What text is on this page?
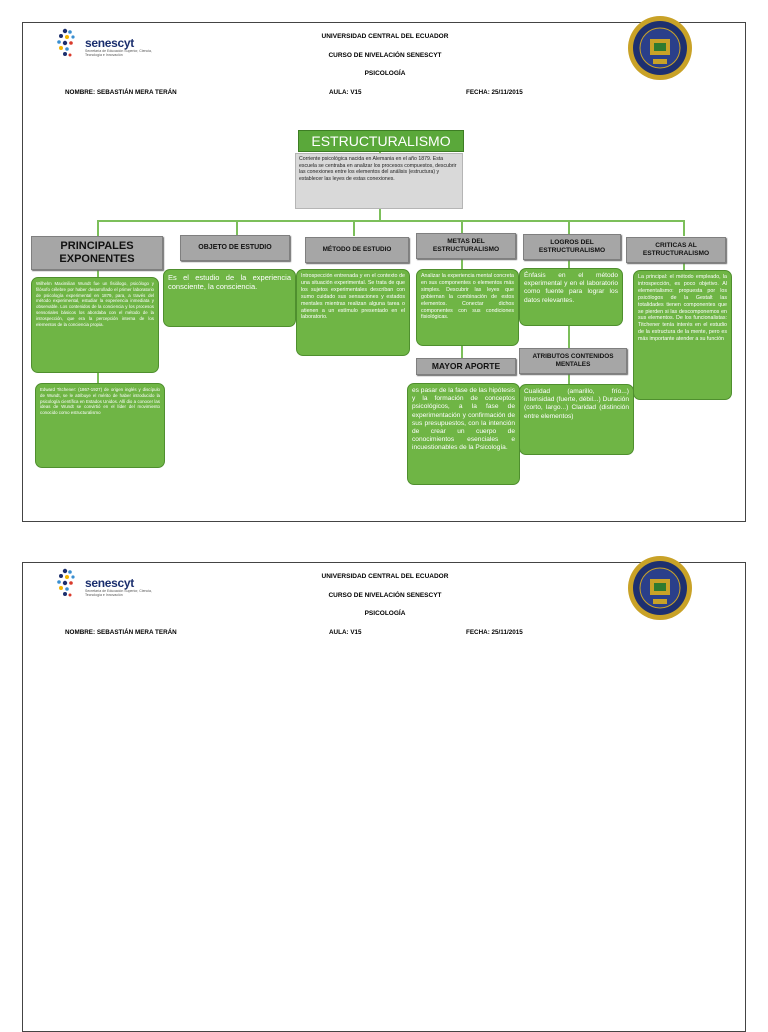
senescyt
Secretaría de Educación Superior, Ciencia, Tecnología e Innovación
UNIVERSIDAD CENTRAL DEL ECUADOR
CURSO DE NIVELACIÓN SENESCYT
PSICOLOGÍA
NOMBRE: SEBASTIÁN MERA TERÁN	AULA: V15	FECHA: 25/11/2015
ESTRUCTURALISMO
Corriente psicológica nacida en Alemania en el año 1879. Esta escuela se centraba en analizar los procesos compuestos, descubrir las conexiones entre los elementos del análisis (estructura) y establecer las leyes de estas conexiones.
PRINCIPALES EXPONENTES
Wilhelm Maximilian Wundt fue un fisiólogo, psicólogo y filósofo célebre por haber desarrollado el primer laboratorio de psicología experimental en 1879, para, a través del método experimental, estudiar la experiencia inmediata y observable. Los contenidos de la conciencia y los procesos sensoriales básicos los abordaba con el método de la introspección, que era la percepción interna de los elementos de la conciencia propia.
Edward Titchener: (1867-1927) de origen inglés y discípulo de Wundt, se le atribuye el mérito de haber introducido la psicología científica en Estados Unidos. Allí dio a conocer las ideas de Wundt se convirtió en el líder del movimiento conocido como estructuralismo
OBJETO DE ESTUDIO
Es el estudio de la experiencia consciente, la consciencia.
MÉTODO DE ESTUDIO
Introspección entrenada y en el contexto de una situación experimental. Se trata de que los sujetos experimentales describan con sumo cuidado sus sensaciones y estados mentales mientras realizan alguna tarea o atienen a un estímulo presentado en el laboratorio.
METAS DEL ESTRUCTURALISMO
Analizar la experiencia mental concreta en sus componentes o elementos más simples. Descubrir las leyes que gobiernan la combinación de estos elementos. Conectar dichos componentes con sus condiciones fisiológicas.
MAYOR APORTE
es pasar de la fase de las hipótesis y la formación de conceptos psicológicos, a la fase de experimentación y confirmación de sus presupuestos, con la intención de crear un cuerpo de conocimientos esenciales e incuestionables de la Psicología.
LOGROS DEL ESTRUCTURALISMO
Énfasis en el método experimental y en el laboratorio como fuente para lograr los datos relevantes.
ATRIBUTOS CONTENIDOS MENTALES
Cualidad (amarillo, frío...) Intensidad (fuerte, débil...) Duración (corto, largo...) Claridad (distinción entre elementos)
CRITICAS AL ESTRUCTURALISMO
La principal: el método empleado, la introspección, es poco objetivo. Al elementalismo: propuesta por los psicólogos de la Gestalt las totalidades tienen componentes que se pierden si las descomponemos en sus elementos. De los funcionalistas: Titchener tenía interés en el estudio de la estructura de la mente, pero es más importante atender a su función
senescyt
Secretaría de Educación Superior, Ciencia, Tecnología e Innovación
UNIVERSIDAD CENTRAL DEL ECUADOR
CURSO DE NIVELACIÓN SENESCYT
PSICOLOGÍA
NOMBRE: SEBASTIÁN MERA TERÁN	AULA: V15	FECHA: 25/11/2015
